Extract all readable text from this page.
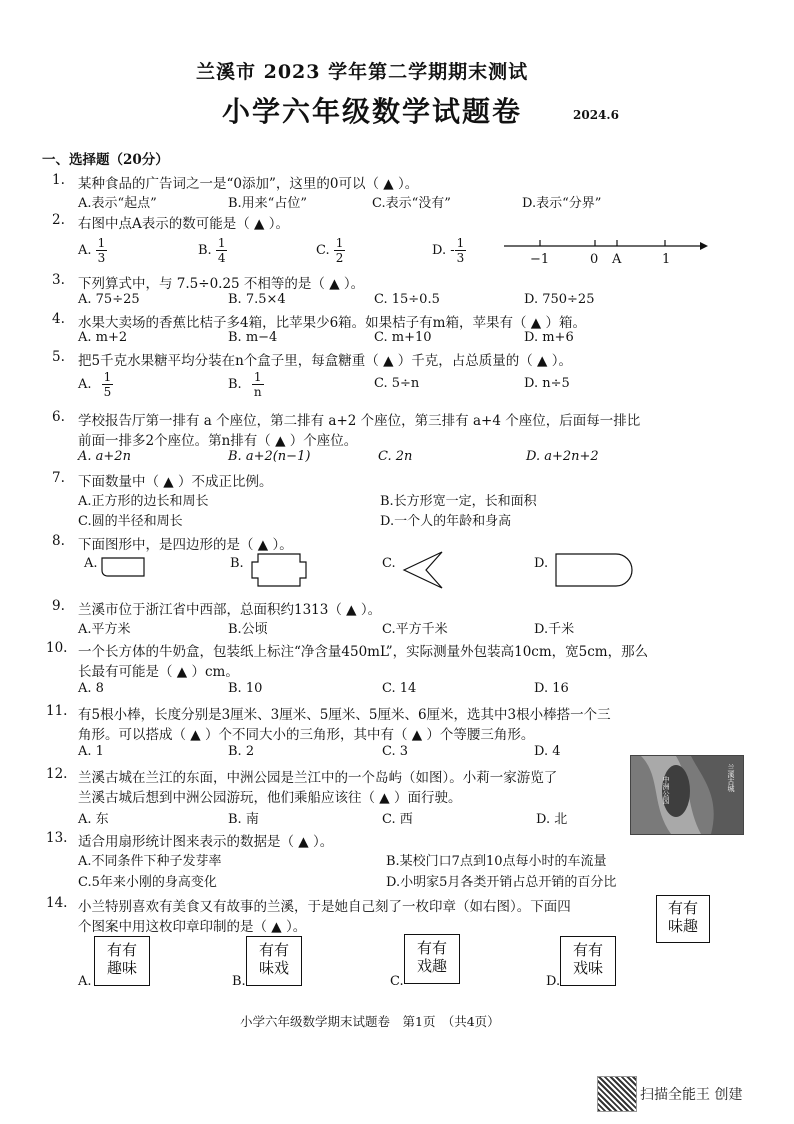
兰溪市 2023 学年第二学期期末测试
小学六年级数学试题卷	2024.6
一、选择题（20分）
1. 某种食品的广告词之一是“0添加”，这里的0可以（ ▲ ）。
A.表示“起点”	B.用来“占位”	C.表示“没有”	D.表示“分界”
2. 右图中点A表示的数可能是（ ▲ ）。
A. $\frac{1}{3}$	B. $\frac{1}{4}$	C. $\frac{1}{2}$	D. - $\frac{1}{3}$	−1	0 A	1
3. 下列算式中，与 7.5÷0.25 不相等的是（ ▲ ）。
A. 75÷25	B. 7.5×4	C. 15÷0.5	D. 750÷25
4. 水果大卖场的香蕉比桔子多4箱，比苹果少6箱。如果桔子有m箱，苹果有（ ▲ ）箱。
A. m+2	B. m−4	C. m+10	D. m+6
5. 把5千克水果糖平均分装在n个盒子里，每盒糖重（ ▲ ）千克，占总质量的（ ▲ ）。
A. $\frac{1}{5}$	B. $\frac{1}{n}$	C. 5÷n	D. n÷5
6. 学校报告厅第一排有 a 个座位，第二排有 a+2 个座位，第三排有 a+4 个座位，后面每一排比
前面一排多2个座位。第n排有（ ▲ ）个座位。
A. a+2n	B. a+2(n−1)	C. 2n	D. a+2n+2
7. 下面数量中（ ▲ ）不成正比例。
A.正方形的边长和周长	B.长方形宽一定，长和面积
C.圆的半径和周长	D.一个人的年龄和身高
8. 下面图形中，是四边形的是（ ▲ ）。
A.	B.	C.	D.
9. 兰溪市位于浙江省中西部，总面积约1313（ ▲ ）。
A.平方米	B.公顷	C.平方千米	D.千米
10. 一个长方体的牛奶盒，包装纸上标注“净含量450mL”，实际测量外包装高10cm，宽5cm，那么
长最有可能是（ ▲ ）cm。
A. 8	B. 10	C. 14	D. 16
11. 有5根小棒，长度分别是3厘米、3厘米、5厘米、5厘米、6厘米，选其中3根小棒搭一个三
角形。可以搭成（ ▲ ）个不同大小的三角形，其中有（ ▲ ）个等腰三角形。
A. 1	B. 2	C. 3	D. 4
12. 兰溪古城在兰江的东面，中洲公园是兰江中的一个岛屿（如图）。小莉一家游览了
兰溪古城后想到中洲公园游玩，他们乘船应该往（ ▲ ）面行驶。
A. 东	B. 南	C. 西	D. 北
中洲公园	兰溪古城
13. 适合用扇形统计图来表示的数据是（ ▲ ）。
A.不同条件下种子发芽率	B.某校门口7点到10点每小时的车流量
C.5年来小刚的身高变化	D.小明家5月各类开销占总开销的百分比
14. 小兰特别喜欢有美食又有故事的兰溪，于是她自己刻了一枚印章（如右图）。下面四
个图案中用这枚印章印制的是（ ▲ ）。
有有
味趣
A.
有有
趣味
B.
有有
味戏
C.
有有
戏趣
D.
有有
戏味
小学六年级数学期末试题卷　第1页　（共4页）
扫描全能王 创建
